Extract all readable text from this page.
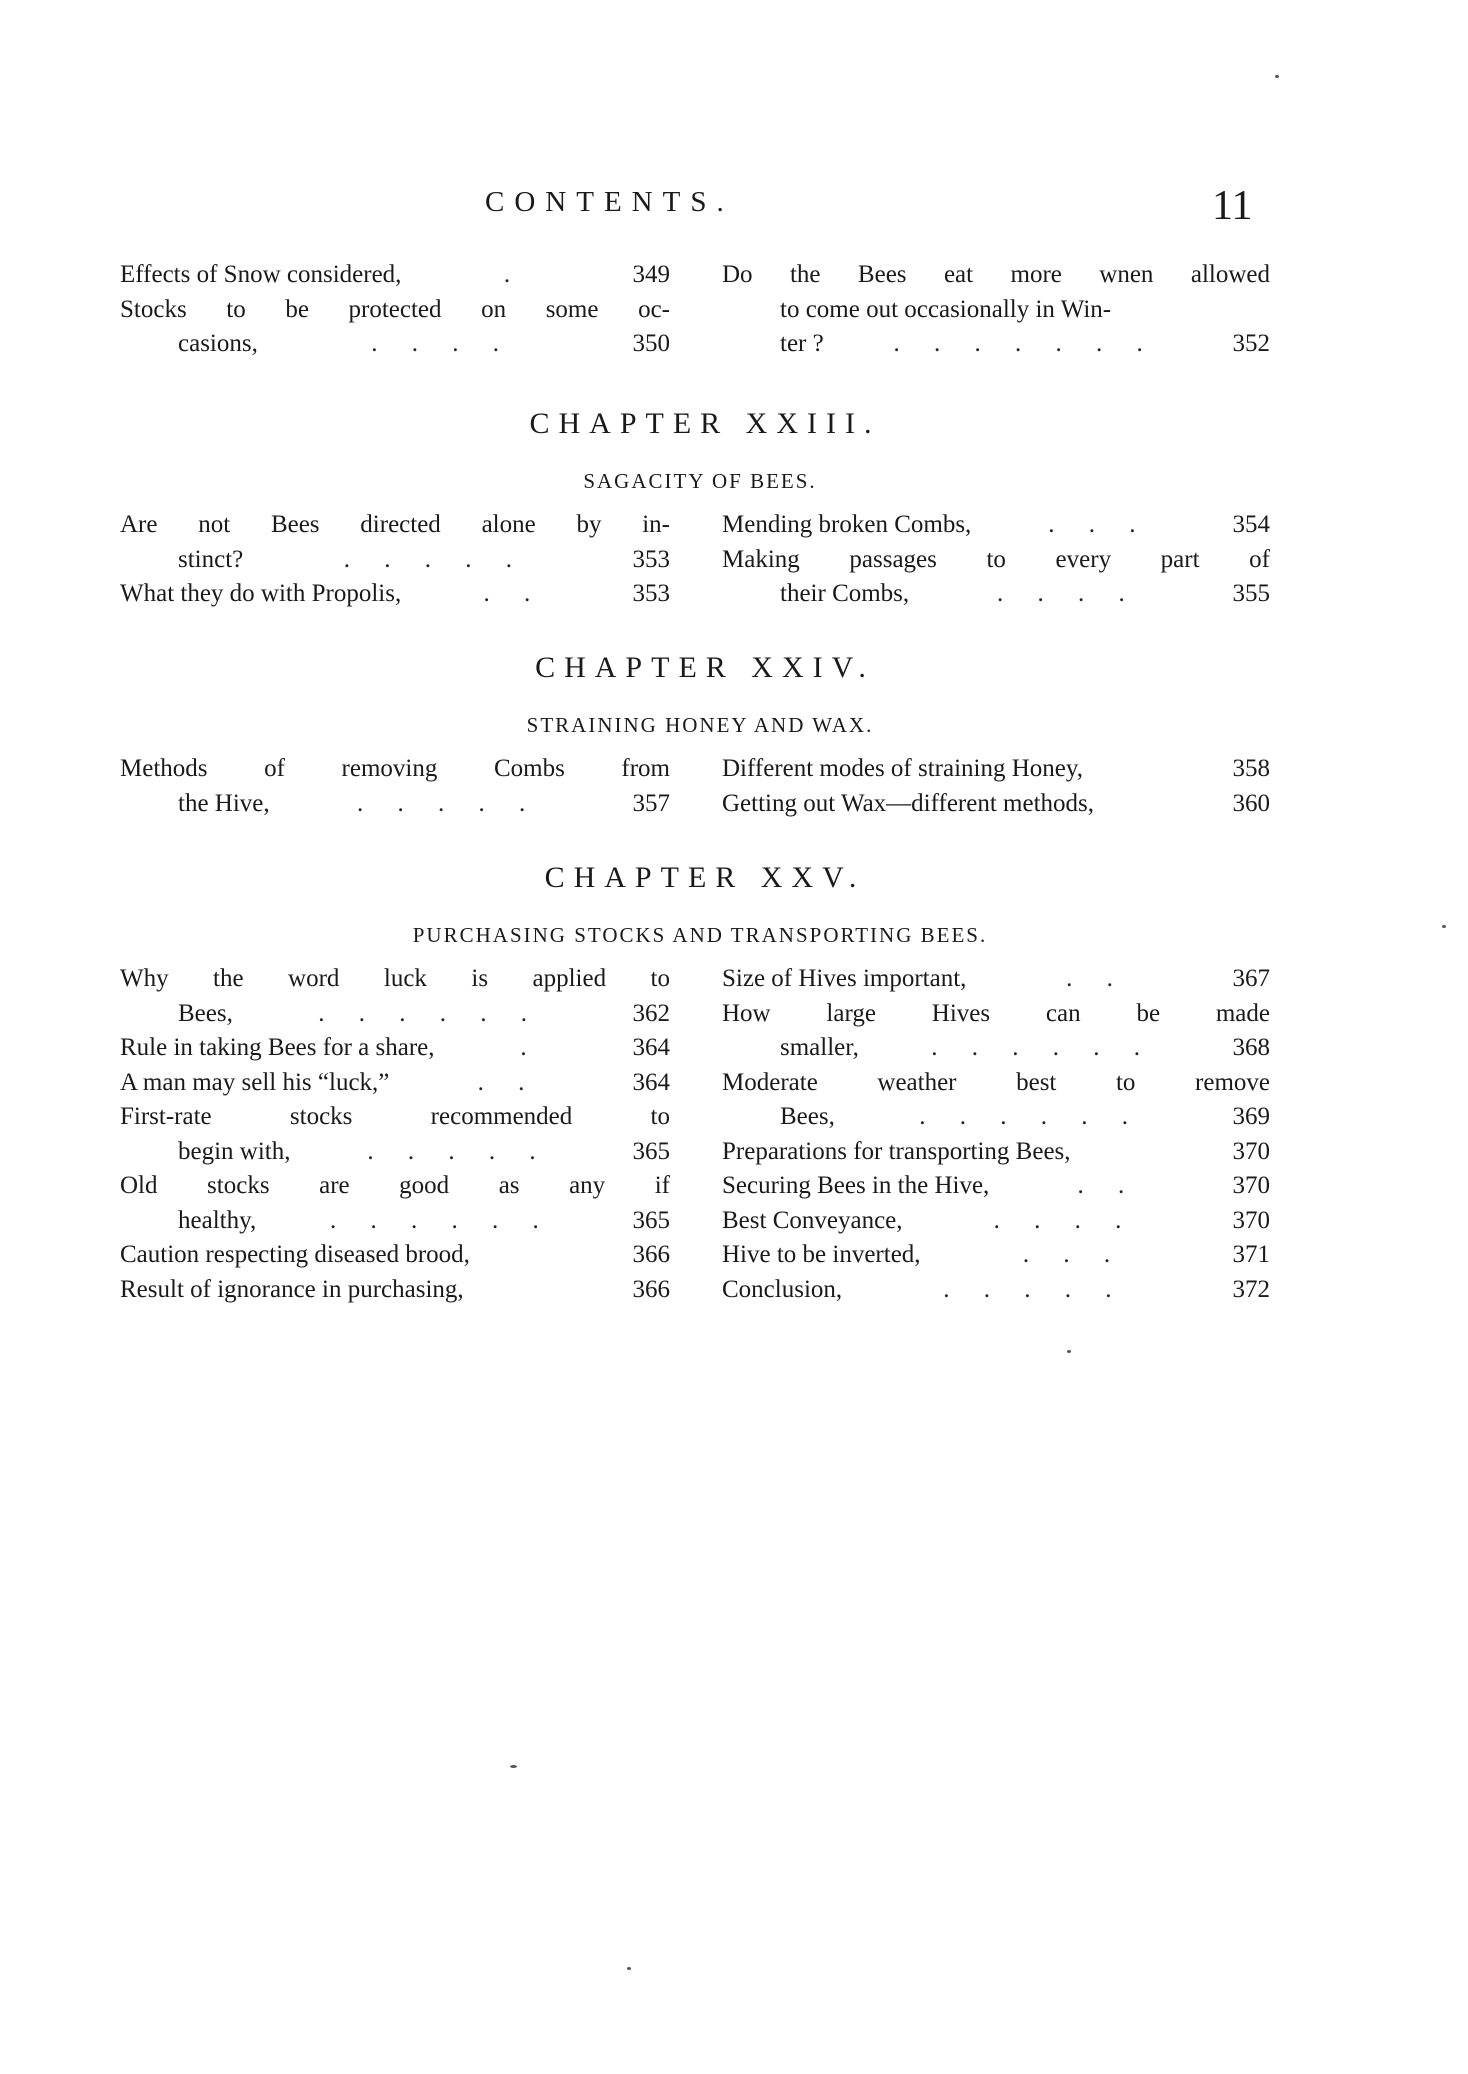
CONTENTS.	11
Effects of Snow considered,	.	349
Stocks to be protected on some oc-
casions,	. . . .	350
Do the Bees eat more wnen allowed
to come out occasionally in Win-
ter ?	. . . . . . .	352
CHAPTER XXIII.
SAGACITY OF BEES.
Are not Bees directed alone by in-
stinct?	. . . . .	353
What they do with Propolis,	. .	353
Mending broken Combs,	. . .	354
Making passages to every part of
their Combs,	. . . .	355
CHAPTER XXIV.
STRAINING HONEY AND WAX.
Methods of removing Combs from
the Hive,	. . . . .	357
Different modes of straining Honey,	358
Getting out Wax—different methods,	360
CHAPTER XXV.
PURCHASING STOCKS AND TRANSPORTING BEES.
Why the word luck is applied to
Bees,	. . . . . .	362
Rule in taking Bees for a share,	.	364
A man may sell his “luck,”	. .	364
First-rate stocks recommended to
begin with,	. . . . .	365
Old stocks are good as any if
healthy,	. . . . . .	365
Caution respecting diseased brood,	366
Result of ignorance in purchasing,	366
Size of Hives important,	. .	367
How large Hives can be made
smaller,	. . . . . .	368
Moderate weather best to remove
Bees,	. . . . . .	369
Preparations for transporting Bees,	370
Securing Bees in the Hive,	. .	370
Best Conveyance,	. . . .	370
Hive to be inverted,	. . .	371
Conclusion,	. . . . .	372
